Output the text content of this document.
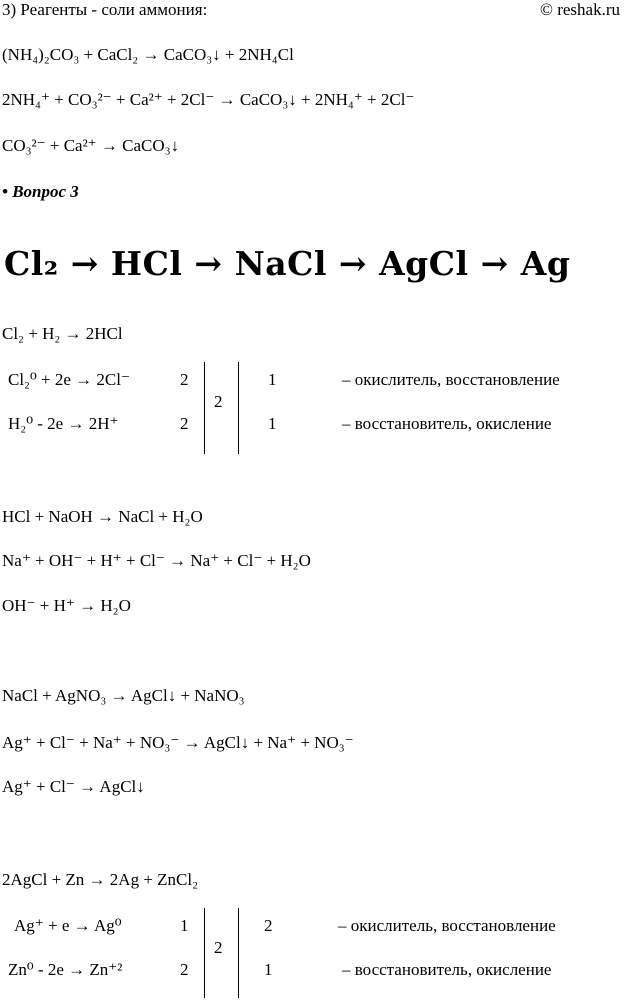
3) Реагенты - соли аммония:	© reshak.ru
(NH₄)₂CO₃ + CaCl₂ → CaCO₃↓ + 2NH₄Cl
2NH₄⁺ + CO₃²⁻ + Ca²⁺ + 2Cl⁻ → CaCO₃↓ + 2NH₄⁺ + 2Cl⁻
CO₃²⁻ + Ca²⁺ → CaCO₃↓
• Вопрос 3
Cl₂ → HCl → NaCl → AgCl → Ag
Cl₂ + H₂ → 2HCl
Cl₂⁰ + 2e → 2Cl⁻	2	1	– окислитель, восстановление
H₂⁰ - 2e → 2H⁺	2	1	– восстановитель, окисление
2
HCl + NaOH → NaCl + H₂O
Na⁺ + OH⁻ + H⁺ + Cl⁻ → Na⁺ + Cl⁻ + H₂O
OH⁻ + H⁺ → H₂O
NaCl + AgNO₃ → AgCl↓ + NaNO₃
Ag⁺ + Cl⁻ + Na⁺ + NO₃⁻ → AgCl↓ + Na⁺ + NO₃⁻
Ag⁺ + Cl⁻ → AgCl↓
2AgCl + Zn → 2Ag + ZnCl₂
Ag⁺ + e → Ag⁰	1	2	– окислитель, восстановление
Zn⁰ - 2e → Zn⁺²	2	1	– восстановитель, окисление
2
